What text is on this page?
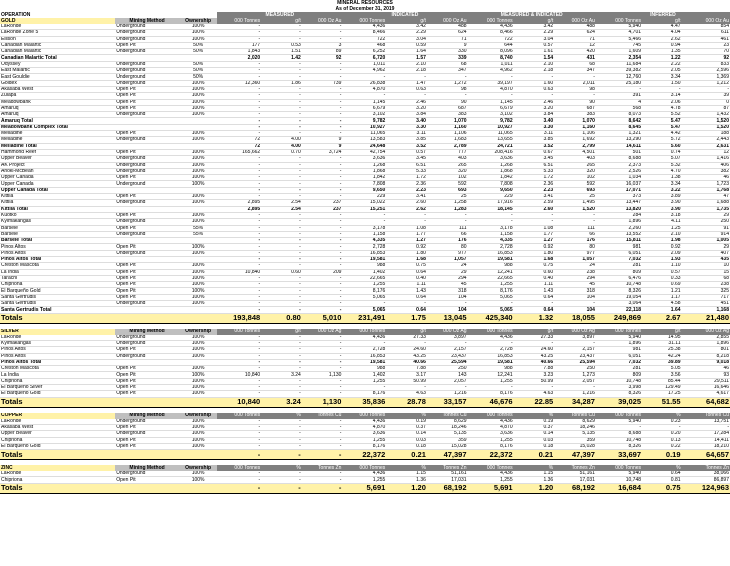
MINERAL RESOURCES														
As of December 31, 2019														
OPERATION			MEASURED			INDICATED			MEASURED & INDICATED			INFERRED		
GOLD	Mining Method	Ownership	000 Tonnes	g/t	000 Oz Au	000 Tonnes	g/t	000 Oz Au	000 Tonnes	g/t	000 Oz Au	000 Tonnes	g/t	000 Oz Au
LaRonde	Underground	100%	-	-	-	4,436	3.42	488	4,436	3.42	488	5,940	4.47	854
LaRonde Zone 5	Underground	100%	-	-	-	8,466	2.29	624	8,466	2.29	624	4,701	4.04	611
Ellison	Underground	100%	-	-	-	722	3.04	71	722	3.04	71	5,466	2.62	461
Canadian Malartic	Open Pit	50%	177	0.53	3	468	0.59	9	644	0.57	12	745	0.94	23
Canadian Malartic	Underground	50%	1,843	1.51	89	6,252	1.64	330	8,096	1.61	420	1,609	1.35	70
Canadian Malartic Total			2,020	1.42	92	6,720	1.57	339	8,740	1.54	431	2,354	1.22	92
Odyssey	Underground	50%	-	-	-	1,011	2.10	68	1,011	2.10	68	11,684	2.22	833
East Malartic	Underground	50%	-	-	-	4,962	2.18	347	4,962	2.18	347	39,382	2.05	2,596
East Gouldie	Underground	50%	-	-	-	-	-	-	-	-	-	12,760	3.34	1,369
Goldex	Underground	100%	12,360	1.86	739	26,838	1.47	1,272	39,197	1.60	2,011	25,180	1.50	1,212
Akasaba West	Open Pit	100%	-	-	-	4,870	0.63	98	4,870	0.63	98	-	-	-
Zulapa	Open Pit	100%	-	-	-	-	-	-	-	-	-	391	3.14	39
Meadowbank	Open Pit	100%	-	-	-	1,145	2.46	90	1,145	2.46	90	4	2.06	0
Amaruq	Open Pit	100%	-	-	-	6,679	3.20	687	6,679	3.20	687	568	4.78	87
Amaruq	Underground	100%	-	-	-	3,102	3.84	383	3,102	3.84	383	8,073	5.52	1,432
Amaruq Total			-	-	-	9,782	3.40	1,070	9,782	3.40	1,070	8,642	5.47	1,520
Meadowbank Complex Total			-	-	-	10,927	3.30	1,160	10,927	3.30	1,160	8,645	5.47	1,520
Meliadine	Open Pit	100%	-	-	-	11,065	3.11	1,106	11,065	3.11	1,106	1,321	4.42	188
Meliadine	Underground	100%	72	4.00	9	13,583	3.85	1,683	13,655	3.85	1,692	13,290	5.72	2,443
Meliadine Total			72	4.00	9	24,648	3.52	2,789	24,721	3.52	2,799	14,611	5.60	2,631
Hammond Reef	Open Pit	100%	165,662	0.70	3,724	42,754	0.57	777	208,416	0.67	4,501	501	0.74	12
Upper Beaver	Underground	100%	-	-	-	3,636	3.45	403	3,636	3.45	403	8,688	5.07	1,416
AK Project	Underground	100%	-	-	-	1,268	6.51	265	1,268	6.51	265	2,373	5.32	406
Anoki-McBean	Underground	100%	-	-	-	1,868	5.33	320	1,868	5.33	320	2,526	4.70	382
Upper Canada	Open Pit	100%	-	-	-	1,842	1.72	102	1,842	1.72	102	1,034	1.38	46
Upper Canada	Underground	100%	-	-	-	7,808	2.36	592	7,808	2.36	592	16,037	3.34	1,723
Upper Canada Total			-	-	-	9,650	2.23	693	9,650	2.23	693	17,071	3.22	1,768
Kittila	Open Pit	100%	-	-	-	229	3.41	25	229	3.41	25	373	3.89	47
Kittila	Underground	100%	2,895	2.54	237	15,022	2.60	1,258	17,916	2.59	1,495	13,447	3.90	1,688
Kittila Total			2,895	2.54	237	15,251	2.62	1,283	18,145	2.60	1,520	13,820	3.90	1,735
Kuotko	Open Pit	100%	-	-	-	-	-	-	-	-	-	284	3.18	29
Kylmäkangas	Underground	100%	-	-	-	-	-	-	-	-	-	1,896	4.11	250
Barsele	Open Pit	55%	-	-	-	3,178	1.08	111	3,178	1.08	111	2,260	1.25	91
Barsele	Underground	55%	-	-	-	1,158	1.77	66	1,158	1.77	66	13,552	2.10	914
Barsele Total			-	-	-	4,335	1.27	176	4,335	1.27	176	15,811	1.98	1,005
Pinos Altos	Open Pit	100%	-	-	-	2,728	0.92	80	2,728	0.92	80	981	0.92	29
Pinos Altos	Underground	100%	-	-	-	16,853	1.80	977	16,853	1.80	977	6,051	2.09	407
Pinos Altos Total			-	-	-	19,581	1.68	1,057	19,581	1.68	1,057	7,032	1.93	435
Creston Mascota	Open Pit	100%	-	-	-	988	0.75	24	988	0.75	24	281	1.10	10
La India	Open Pit	100%	10,840	0.60	209	1,402	0.64	29	12,241	0.60	238	809	0.57	15
Tarachi	Open Pit	100%	-	-	-	22,665	0.40	294	22,665	0.40	294	6,476	0.33	68
Chipriona	Open Pit	100%	-	-	-	1,255	1.11	45	1,255	1.11	45	10,748	0.69	238
El Barqueño Gold	Open Pit	100%	-	-	-	8,176	1.43	318	8,176	1.43	318	8,326	1.21	325
Santa Gertrudis	Open Pit	100%	-	-	-	5,065	0.64	104	5,065	0.64	104	19,054	1.17	717
Santa Gertrudis	Underground	100%	-	-	-	-	-	-	-	-	-	3,064	4.58	451
Santa Gertrudis Total			-	-	-	5,065	0.64	104	5,065	0.64	104	22,118	1.64	1,168
Totals			193,848	0.80	5,010	231,491	1.75	13,045	425,340	1.32	18,055	249,869	2.67	21,480

SILVER	Mining Method	Ownership	000 Tonnes	g/t	000 Oz Ag	000 Tonnes	g/t	000 Oz Ag	000 Tonnes	g/t	000 Oz Ag	000 Tonnes	g/t	000 Oz Ag
LaRonde	Underground	100%	-	-	-	4,436	27.33	3,897	4,436	27.33	3,897	5,940	14.95	2,855
Kylmäkangas	Underground	100%	-	-	-	-	-	-	-	-	-	1,896	31.11	1,896
Pinos Altos	Open Pit	100%	-	-	-	2,728	24.60	2,157	2,728	24.60	2,157	981	25.38	801
Pinos Altos	Underground	100%	-	-	-	16,853	43.25	23,437	16,853	43.25	23,437	6,051	42.24	8,218
Pinos Altos Total			-	-	-	19,581	40.66	25,594	19,581	40.66	25,594	7,032	39.89	9,018
Creston Mascota	Open Pit	100%	-	-	-	988	7.88	250	988	7.88	250	281	5.05	46
La India	Open Pit	100%	10,840	3.24	1,130	1,402	3.17	143	12,241	3.23	1,273	809	3.56	93
Chipriona	Open Pit	100%	-	-	-	1,255	50.99	2,057	1,255	50.99	2,057	10,748	85.44	29,511
El Barqueño Silver	Open Pit	100%	-	-	-	-	-	-	-	-	-	3,998	129.49	16,646
El Barqueño Gold	Open Pit	100%	-	-	-	8,176	4.63	1,216	8,176	4.63	1,216	8,326	17.25	4,617
Totals			10,840	3.24	1,130	35,836	28.78	33,157	46,676	22.85	34,287	39,025	51.55	64,682

COPPER	Mining Method	Ownership	000 Tonnes	%	Tonnes Cu	000 Tonnes	%	Tonnes Cu	000 Tonnes	%	Tonnes Cu	000 Tonnes	%	Tonnes Cu
LaRonde	Underground	100%	-	-	-	4,436	0.19	8,629	4,436	0.19	8,629	5,940	0.23	13,751
Akasaba West	Open Pit	100%	-	-	-	4,870	0.37	18,246	4,870	0.37	18,246	-	-	-
Upper Beaver	Underground	100%	-	-	-	3,636	0.14	5,135	3,636	0.14	5,135	8,688	0.20	17,284
Chipriona	Open Pit	100%	-	-	-	1,255	0.03	359	1,255	0.03	359	10,748	0.13	14,411
El Barqueño Gold	Open Pit	100%	-	-	-	8,176	0.18	15,028	8,176	0.18	15,028	8,326	0.22	18,210
Totals			-	-	-	22,372	0.21	47,397	22,372	0.21	47,397	33,697	0.19	64,657

ZINC	Mining Method	Ownership	000 Tonnes	%	Tonnes Zn	000 Tonnes	%	Tonnes Zn	000 Tonnes	%	Tonnes Zn	000 Tonnes	%	Tonnes Zn
LaRonde	Underground	100%	-	-	-	4,436	1.15	51,161	4,436	1.15	51,161	5,940	0.64	38,066
Chipriona	Open Pit	100%	-	-	-	1,255	1.36	17,031	1,255	1.36	17,031	10,748	0.81	86,897
Totals			-	-	-	5,691	1.20	68,192	5,691	1.20	68,192	16,684	0.75	124,963
